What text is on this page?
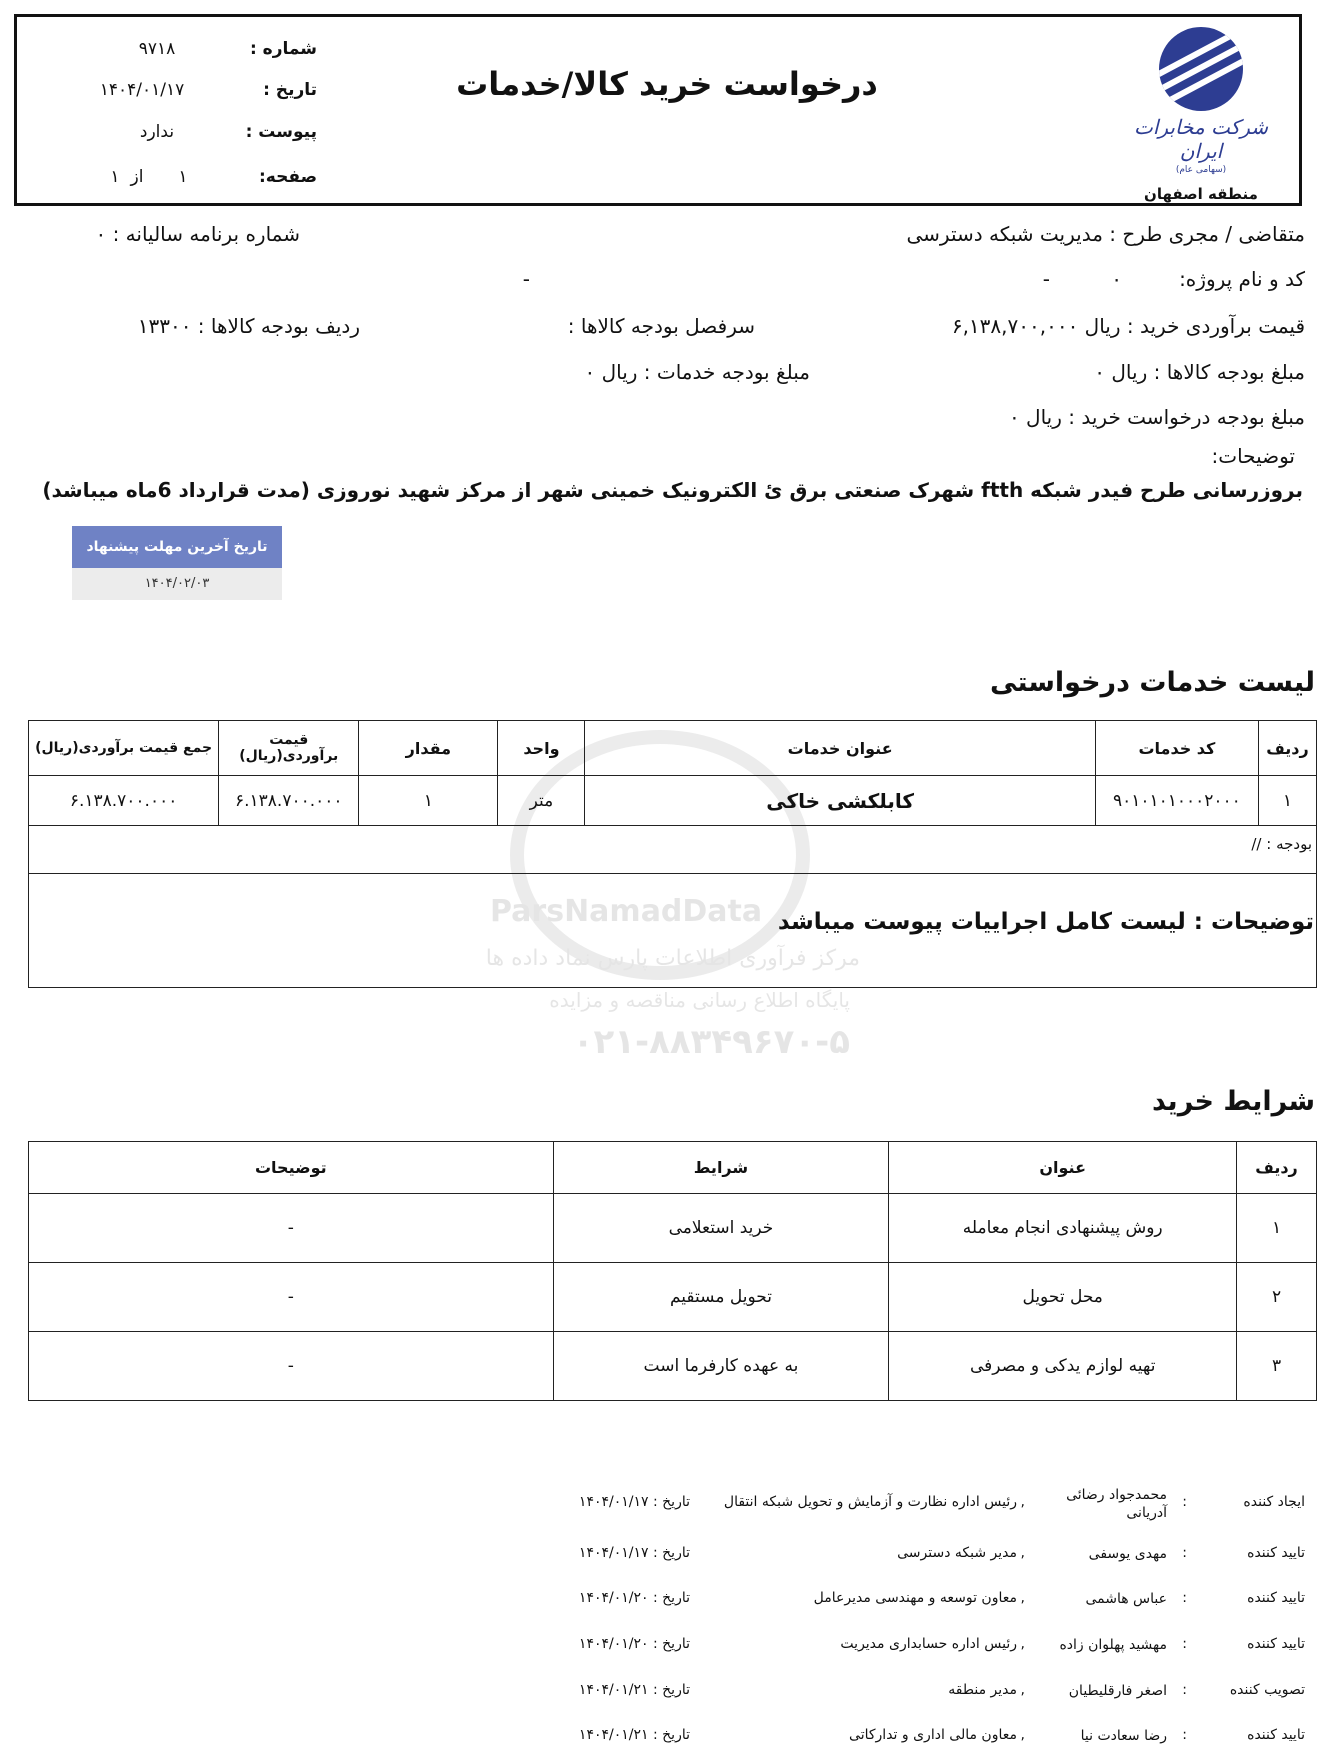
شرکت مخابرات ایران
(سهامی عام)
منطقه اصفهان
درخواست خرید کالا/خدمات
شماره :
۹۷۱۸
تاریخ :
۱۴۰۴/۰۱/۱۷
پیوست :
ندارد
صفحه:
۱
از
۱
متقاضی / مجری طرح : مدیریت شبکه دسترسی
شماره برنامه سالیانه : ۰
کد و نام پروژه:
۰
-
-
قیمت برآوردی خرید : ریال ۶,۱۳۸,۷۰۰,۰۰۰
سرفصل بودجه کالاها :
ردیف بودجه کالاها : ۱۳۳۰۰
مبلغ بودجه کالاها : ریال ۰
مبلغ بودجه خدمات : ریال ۰
مبلغ بودجه درخواست خرید : ریال ۰
توضیحات:
بروزرسانی طرح فیدر شبکه ftth شهرک صنعتی برق ئ الکترونیک خمینی شهر از مرکز شهید نوروزی (مدت قرارداد 6ماه میباشد)
تاریخ آخرین مهلت پیشنهاد
۱۴۰۴/۰۲/۰۳
لیست خدمات درخواستی
ParsNamadData
مرکز فرآوری اطلاعات پارس نماد داده ها
پایگاه اطلاع رسانی مناقصه و مزایده
۰۲۱-۸۸۳۴۹۶۷۰-۵
ردیف	کد خدمات	عنوان خدمات	واحد	مقدار	قیمت برآوردی(ریال)	جمع قیمت برآوردی(ریال)
۱	۹۰۱۰۱۰۱۰۰۰۲۰۰۰	کابلکشی خاکی	متر	۱	۶.۱۳۸.۷۰۰.۰۰۰	۶.۱۳۸.۷۰۰.۰۰۰
بودجه : //
توضیحات : لیست کامل اجراییات پیوست میباشد
شرایط خرید
ردیف	عنوان	شرایط	توضیحات
۱	روش پیشنهادی انجام معامله	خرید استعلامی	-
۲	محل تحویل	تحویل مستقیم	-
۳	تهیه لوازم یدکی و مصرفی	به عهده کارفرما است	-
ایجاد کننده
:
محمدجواد رضائی آدریانی
,
رئیس اداره نظارت و آزمایش و تحویل شبکه انتقال
تاریخ : ۱۴۰۴/۰۱/۱۷
تایید کننده
:
مهدی یوسفی
,
مدیر شبکه دسترسی
تاریخ : ۱۴۰۴/۰۱/۱۷
تایید کننده
:
عباس هاشمی
,
معاون توسعه و مهندسی مدیرعامل
تاریخ : ۱۴۰۴/۰۱/۲۰
تایید کننده
:
مهشید پهلوان زاده
,
رئیس اداره حسابداری مدیریت
تاریخ : ۱۴۰۴/۰۱/۲۰
تصویب کننده
:
اصغر فارقلیطیان
,
مدیر منطقه
تاریخ : ۱۴۰۴/۰۱/۲۱
تایید کننده
:
رضا سعادت نیا
,
معاون مالی اداری و تدارکاتی
تاریخ : ۱۴۰۴/۰۱/۲۱
